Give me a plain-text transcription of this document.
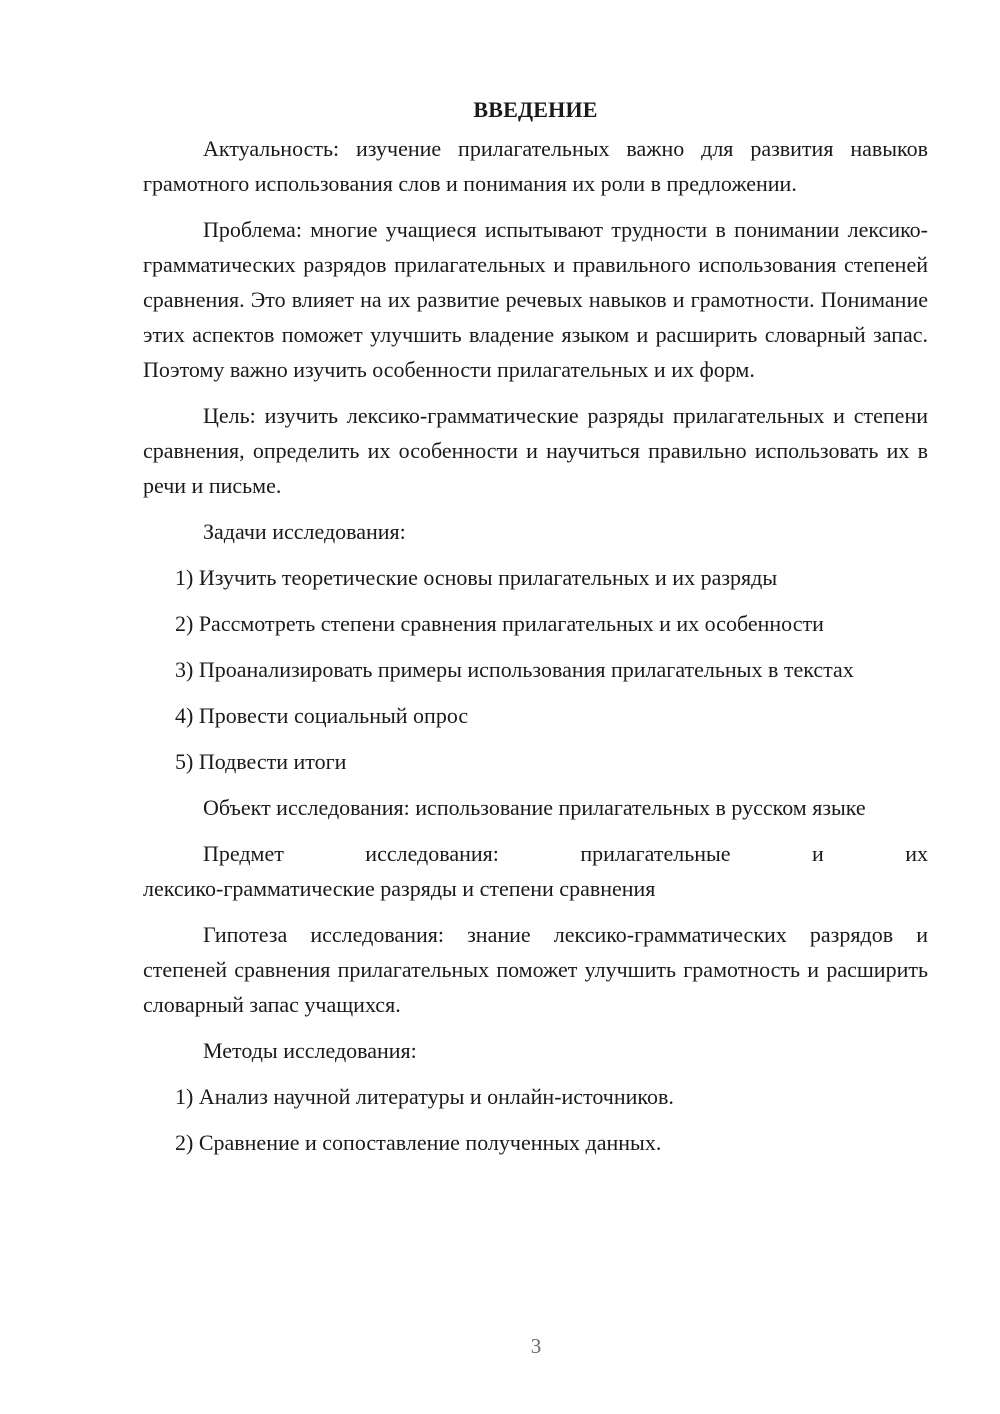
ВВЕДЕНИЕ

Актуальность: изучение прилагательных важно для развития навыков грамотного использования слов и понимания их роли в предложении.

Проблема: многие учащиеся испытывают трудности в понимании лексико-грамматических разрядов прилагательных и правильного использования степеней сравнения. Это влияет на их развитие речевых навыков и грамотности. Понимание этих аспектов поможет улучшить владение языком и расширить словарный запас. Поэтому важно изучить особенности прилагательных и их форм.

Цель: изучить лексико-грамматические разряды прилагательных и степени сравнения, определить их особенности и научиться правильно использовать их в речи и письме.

Задачи исследования:

1) Изучить теоретические основы прилагательных и их разряды

2) Рассмотреть степени сравнения прилагательных и их особенности

3) Проанализировать примеры использования прилагательных в текстах

4) Провести социальный опрос

5) Подвести итоги

Объект исследования: использование прилагательных в русском языке

Предмет	исследования:	прилагательные	и	их
лексико-грамматические разряды и степени сравнения

Гипотеза исследования: знание лексико-грамматических разрядов и степеней сравнения прилагательных поможет улучшить грамотность и расширить словарный запас учащихся.

Методы исследования:

1) Анализ научной литературы и онлайн-источников.

2) Сравнение и сопоставление полученных данных.

3
